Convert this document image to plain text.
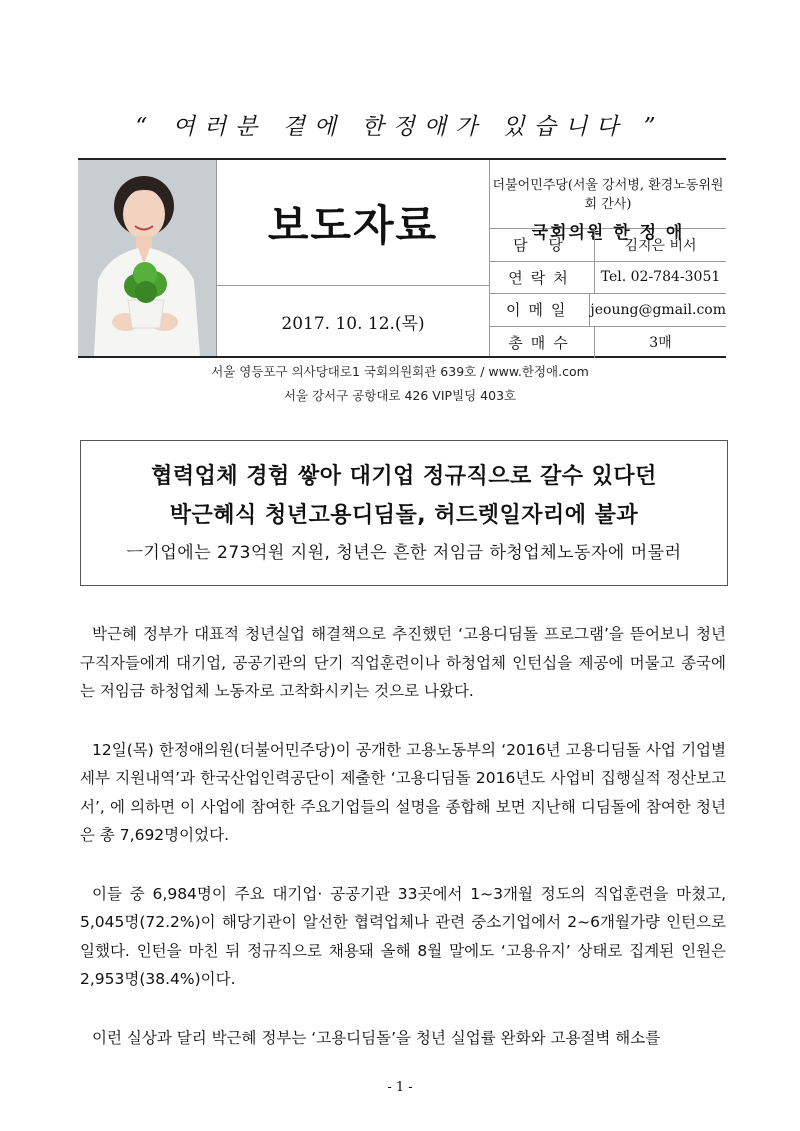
“ 여러분 곁에 한정애가 있습니다 ”
보도자료
2017. 10. 12.(목)
더불어민주당(서울 강서병, 환경노동위원회 간사)
국회의원 한 정 애
담 당	김지은 비서
연락처	Tel. 02-784-3051
이메일	jeoung@gmail.com
총매수	3매
서울 영등포구 의사당대로1 국회의원회관 639호 / www.한정애.com
서울 강서구 공항대로 426 VIP빌딩 403호
협력업체 경험 쌓아 대기업 정규직으로 갈수 있다던
박근혜식 청년고용디딤돌, 허드렛일자리에 불과
ㅡ기업에는 273억원 지원, 청년은 흔한 저임금 하청업체노동자에 머물러

박근혜 정부가 대표적 청년실업 해결책으로 추진했던 ‘고용디딤돌 프로그램’을 뜯어보니 청년 구직자들에게 대기업, 공공기관의 단기 직업훈련이나 하청업체 인턴십을 제공에 머물고 종국에는 저임금 하청업체 노동자로 고착화시키는 것으로 나왔다.

12일(목) 한정애의원(더불어민주당)이 공개한 고용노동부의 ‘2016년 고용디딤돌 사업 기업별 세부 지원내역’과 한국산업인력공단이 제출한 ‘고용디딤돌 2016년도 사업비 집행실적 정산보고서’, 에 의하면 이 사업에 참여한 주요기업들의 설명을 종합해 보면 지난해 디딤돌에 참여한 청년은 총 7,692명이었다.

이들 중 6,984명이 주요 대기업· 공공기관 33곳에서 1~3개월 정도의 직업훈련을 마쳤고, 5,045명(72.2%)이 해당기관이 알선한 협력업체나 관련 중소기업에서 2~6개월가량 인턴으로 일했다. 인턴을 마친 뒤 정규직으로 채용돼 올해 8월 말에도 ‘고용유지’ 상태로 집계된 인원은 2,953명(38.4%)이다.

이런 실상과 달리 박근혜 정부는 ‘고용디딤돌’을 청년 실업률 완화와 고용절벽 해소를

- 1 -
